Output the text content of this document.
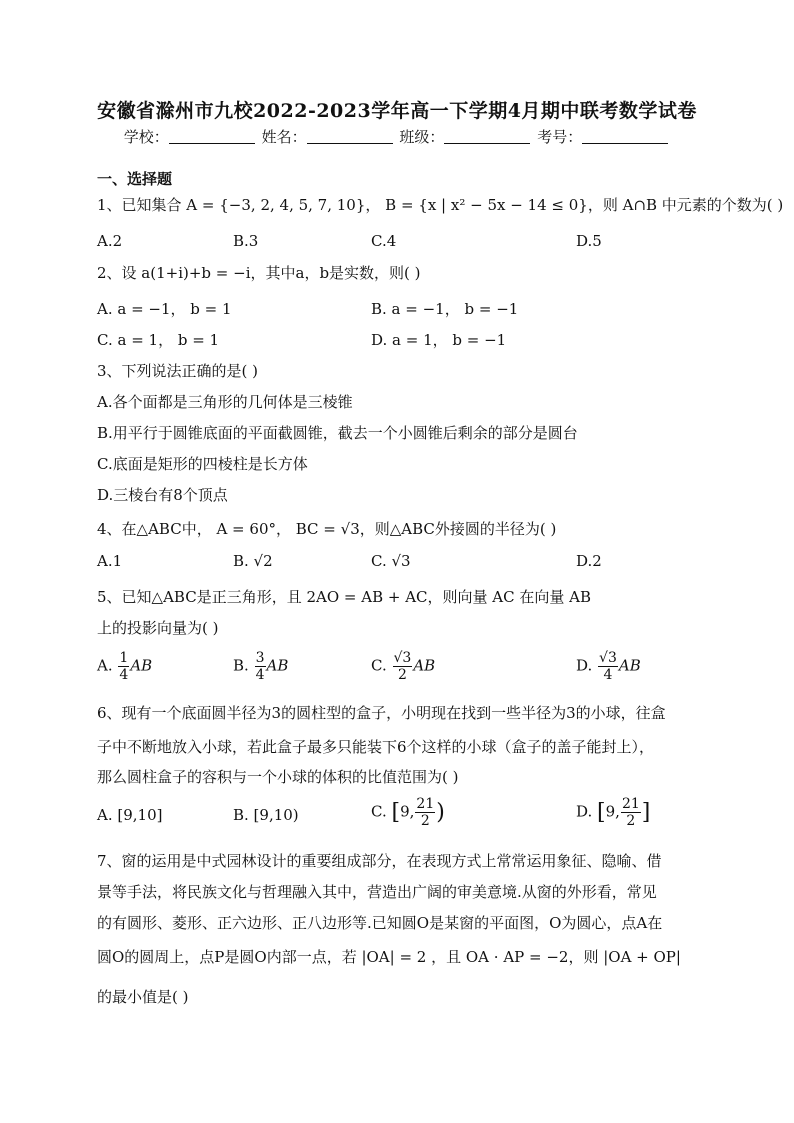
安徽省滁州市九校2022-2023学年高一下学期4月期中联考数学试卷
学校：	姓名：	班级：	考号：
一、选择题
1、已知集合 A = {−3, 2, 4, 5, 7, 10}， B = {x | x² − 5x − 14 ≤ 0}，则 A∩B 中元素的个数为( )
A.2	B.3	C.4	D.5
2、设 a(1+i)+b = −i，其中a，b是实数，则( )
A. a = −1， b = 1	B. a = −1， b = −1
C. a = 1， b = 1	D. a = 1， b = −1
3、下列说法正确的是( )
A.各个面都是三角形的几何体是三棱锥
B.用平行于圆锥底面的平面截圆锥，截去一个小圆锥后剩余的部分是圆台
C.底面是矩形的四棱柱是长方体
D.三棱台有8个顶点
4、在△ABC中， A = 60°， BC = √3，则△ABC外接圆的半径为( )
A.1	B. √2	C. √3	D.2
5、已知△ABC是正三角形，且 2AO = AB + AC，则向量 AC 在向量 AB
上的投影向量为( )
A. $\frac{1}{4}$ AB	B. $\frac{3}{4}$ AB	C. $\frac{√3}{2}$ AB	D. $\frac{√3}{4}$ AB
6、现有一个底面圆半径为3的圆柱型的盒子，小明现在找到一些半径为3的小球，往盒
子中不断地放入小球，若此盒子最多只能装下6个这样的小球（盒子的盖子能封上），
那么圆柱盒子的容积与一个小球的体积的比值范围为( )
A. [9,10]	B. [9,10)	C. [9, $\frac{21}{2}$ )	D. [9, $\frac{21}{2}$ ]
7、窗的运用是中式园林设计的重要组成部分，在表现方式上常常运用象征、隐喻、借
景等手法，将民族文化与哲理融入其中，营造出广阔的审美意境.从窗的外形看，常见
的有圆形、菱形、正六边形、正八边形等.已知圆O是某窗的平面图，O为圆心，点A在
圆O的圆周上，点P是圆O内部一点，若 |OA| = 2 ，且 OA · AP = −2，则 |OA + OP|
的最小值是( )
